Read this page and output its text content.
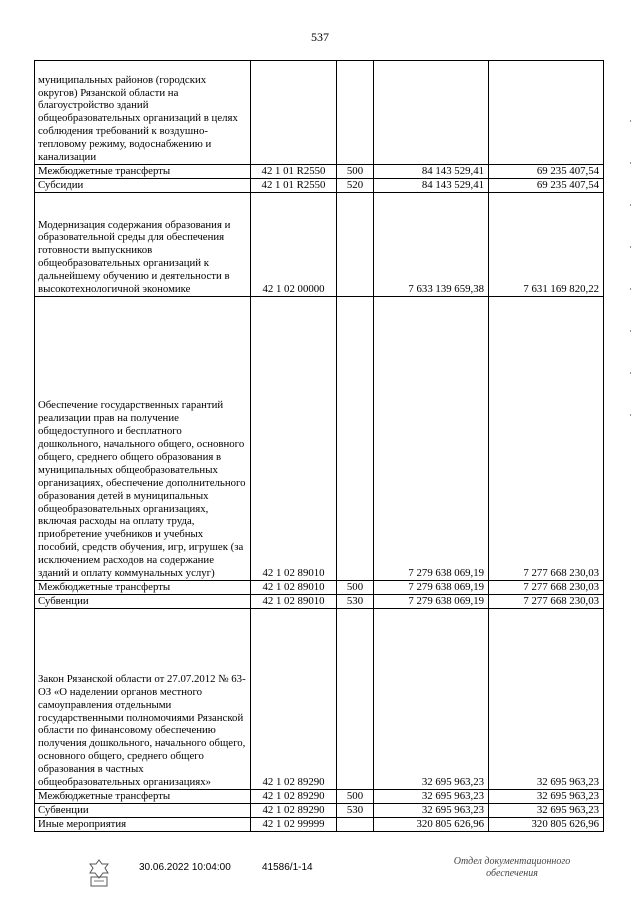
537
муниципальных районов (городских округов) Рязанской области на благоустройство зданий общеобразовательных организаций в целях соблюдения требований к воздушно-тепловому режиму, водоснабжению и канализации				
Межбюджетные трансферты	42 1 01 R2550	500	84 143 529,41	69 235 407,54
Субсидии	42 1 01 R2550	520	84 143 529,41	69 235 407,54
Модернизация содержания образования и образовательной среды для обеспечения готовности выпускников общеобразовательных организаций к дальнейшему обучению и деятельности в высокотехнологичной экономике	42 1 02 00000		7 633 139 659,38	7 631 169 820,22
Обеспечение государственных гарантий реализации прав на получение общедоступного и бесплатного дошкольного, начального общего, основного общего, среднего общего образования в муниципальных общеобразовательных организациях, обеспечение дополнительного образования детей в муниципальных общеобразовательных организациях, включая расходы на оплату труда, приобретение учебников и учебных пособий, средств обучения, игр, игрушек (за исключением расходов на содержание зданий и оплату коммунальных услуг)	42 1 02 89010		7 279 638 069,19	7 277 668 230,03
Межбюджетные трансферты	42 1 02 89010	500	7 279 638 069,19	7 277 668 230,03
Субвенции	42 1 02 89010	530	7 279 638 069,19	7 277 668 230,03
Закон Рязанской области от 27.07.2012 № 63-ОЗ «О наделении органов местного самоуправления отдельными государственными полномочиями Рязанской области по финансовому обеспечению получения дошкольного, начального общего, основного общего, среднего общего образования в частных общеобразовательных организациях»	42 1 02 89290		32 695 963,23	32 695 963,23
Межбюджетные трансферты	42 1 02 89290	500	32 695 963,23	32 695 963,23
Субвенции	42 1 02 89290	530	32 695 963,23	32 695 963,23
Иные мероприятия	42 1 02 99999		320 805 626,96	320 805 626,96
30.06.2022 10:04:00	41586/1-14
Отдел документационного
обеспечения
